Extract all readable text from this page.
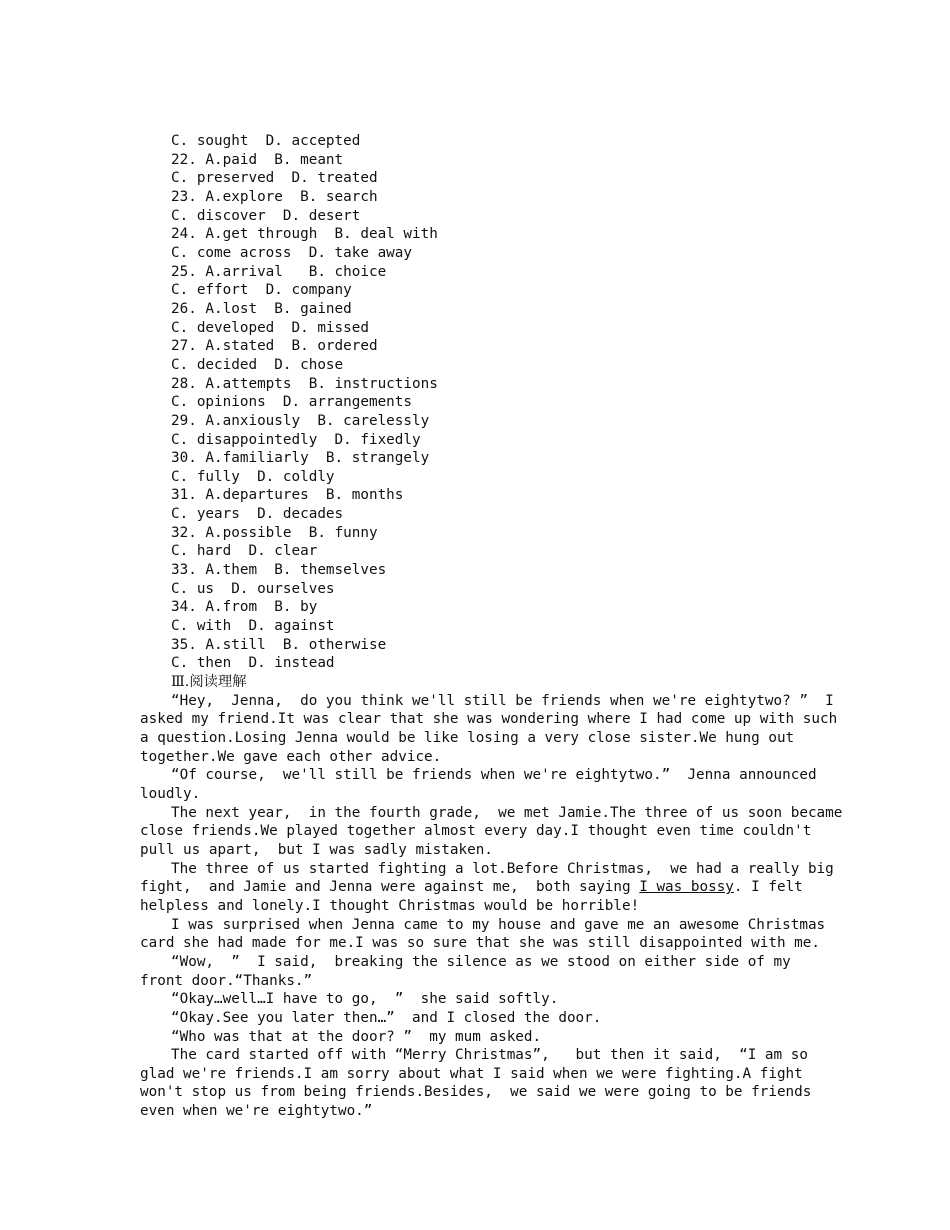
C. sought  D. accepted

22. A.paid  B. meant

C. preserved  D. treated

23. A.explore  B. search

C. discover  D. desert

24. A.get through  B. deal with

C. come across  D. take away

25. A.arrival   B. choice

C. effort  D. company

26. A.lost  B. gained

C. developed  D. missed

27. A.stated  B. ordered

C. decided  D. chose

28. A.attempts  B. instructions

C. opinions  D. arrangements

29. A.anxiously  B. carelessly

C. disappointedly  D. fixedly

30. A.familiarly  B. strangely

C. fully  D. coldly

31. A.departures  B. months

C. years  D. decades

32. A.possible  B. funny

C. hard  D. clear

33. A.them  B. themselves

C. us  D. ourselves

34. A.from  B. by

C. with  D. against

35. A.still  B. otherwise

C. then  D. instead

Ⅲ.阅读理解

“Hey,  Jenna,  do you think we'll still be friends when we're eightytwo? ”  I

asked my friend.It was clear that she was wondering where I had come up with such

a question.Losing Jenna would be like losing a very close sister.We hung out

together.We gave each other advice.

“Of course,  we'll still be friends when we're eightytwo.”  Jenna announced

loudly.

The next year,  in the fourth grade,  we met Jamie.The three of us soon became

close friends.We played together almost every day.I thought even time couldn't

pull us apart,  but I was sadly mistaken.

The three of us started fighting a lot.Before Christmas,  we had a really big

fight,  and Jamie and Jenna were against me,  both saying I was bossy. I felt

helpless and lonely.I thought Christmas would be horrible!

I was surprised when Jenna came to my house and gave me an awesome Christmas

card she had made for me.I was so sure that she was still disappointed with me.

“Wow,  ”  I said,  breaking the silence as we stood on either side of my

front door.“Thanks.”

“Okay…well…I have to go,  ”  she said softly.

“Okay.See you later then…”  and I closed the door.

“Who was that at the door? ”  my mum asked.

The card started off with “Merry Christmas”,   but then it said,  “I am so

glad we're friends.I am sorry about what I said when we were fighting.A fight

won't stop us from being friends.Besides,  we said we were going to be friends

even when we're eightytwo.”
